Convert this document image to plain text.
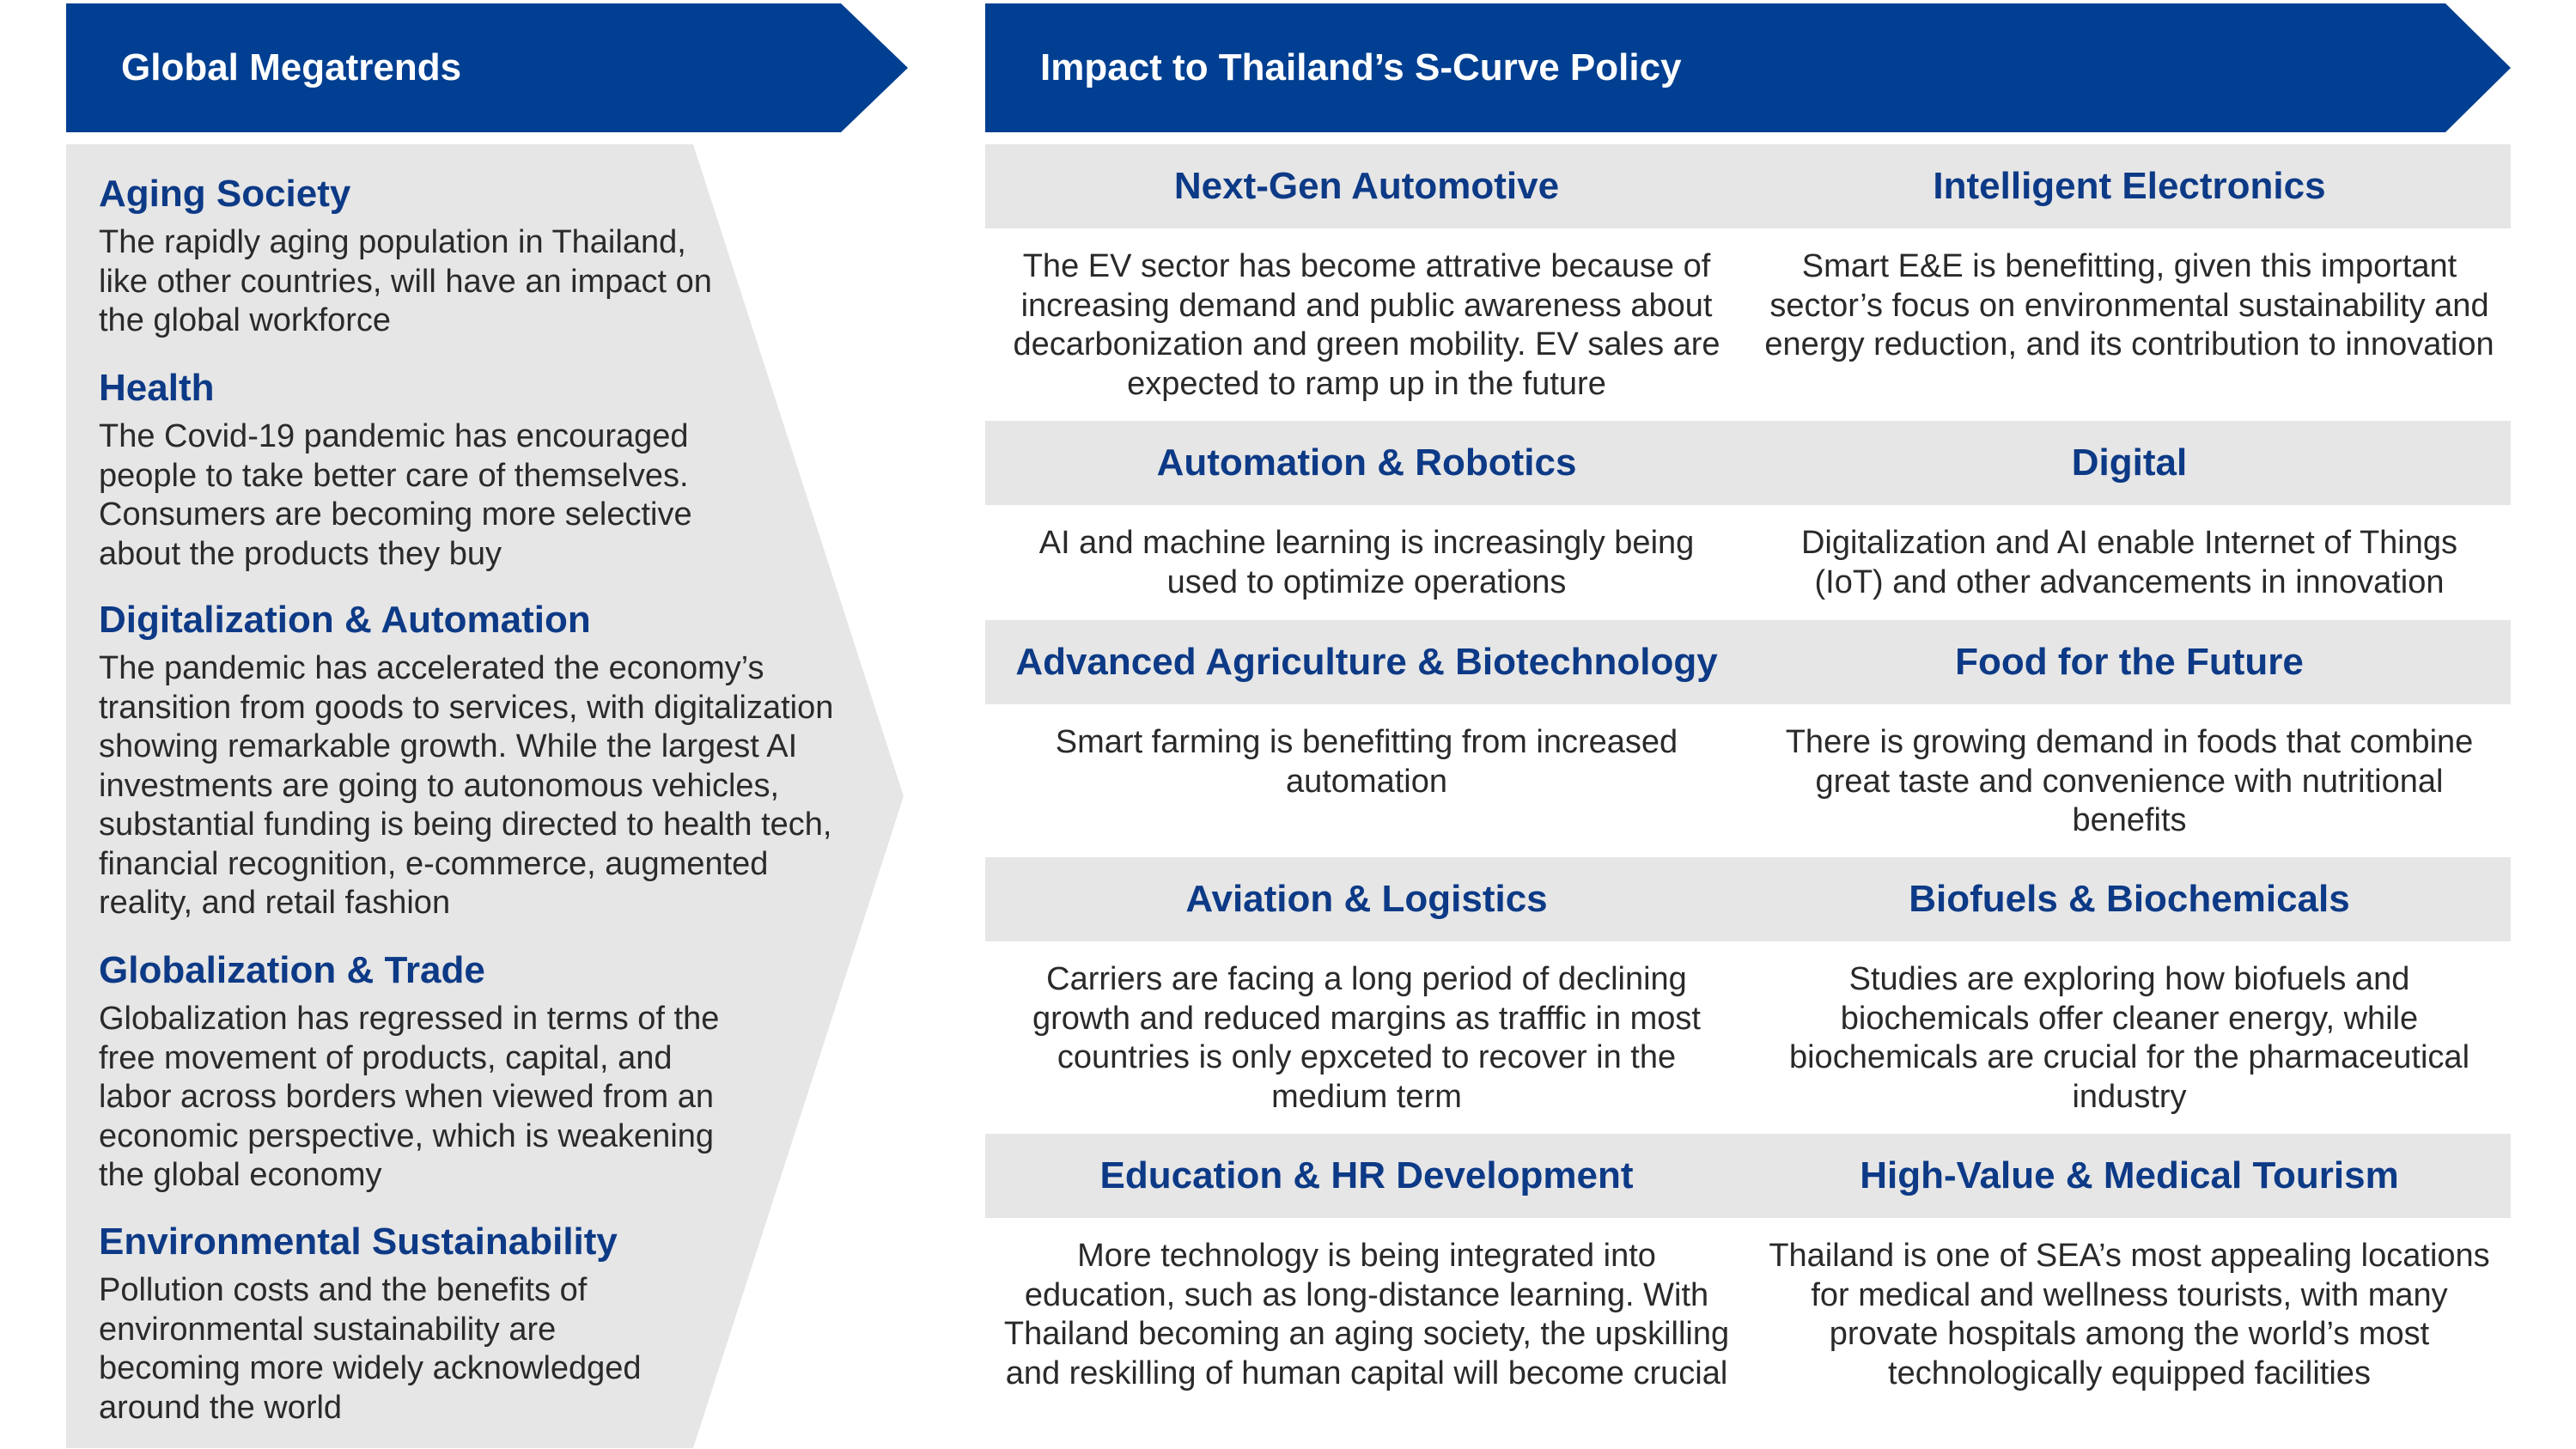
Global Megatrends	Impact to Thailand’s S-Curve Policy
Aging Society

The rapidly aging population in Thailand, like other countries, will have an impact on the global workforce

Health

The Covid-19 pandemic has encouraged people to take better care of themselves. Consumers are becoming more selective about the products they buy

Digitalization & Automation

The pandemic has accelerated the economy’s transition from goods to services, with digitalization showing remarkable growth. While the largest AI investments are going to autonomous vehicles, substantial funding is being directed to health tech, financial recognition, e-commerce, augmented reality, and retail fashion

Globalization & Trade

Globalization has regressed in terms of the free movement of products, capital, and labor across borders when viewed from an economic perspective, which is weakening the global economy

Environmental Sustainability

Pollution costs and the benefits of environmental sustainability are becoming more widely acknowledged around the world

Next-Gen Automotive	Intelligent Electronics
The EV sector has become attrative because of increasing demand and public awareness about decarbonization and green mobility. EV sales are expected to ramp up in the future
Smart E&E is benefitting, given this important sector’s focus on environmental sustainability and energy reduction, and its contribution to innovation
Automation & Robotics	Digital
AI and machine learning is increasingly being used to optimize operations
Digitalization and AI enable Internet of Things (IoT) and other advancements in innovation
Advanced Agriculture & Biotechnology	Food for the Future
Smart farming is benefitting from increased automation
There is growing demand in foods that combine great taste and convenience with nutritional benefits
Aviation & Logistics	Biofuels & Biochemicals
Carriers are facing a long period of declining growth and reduced margins as trafffic in most countries is only epxceted to recover in the medium term
Studies are exploring how biofuels and biochemicals offer cleaner energy, while biochemicals are crucial for the pharmaceutical industry
Education & HR Development	High-Value & Medical Tourism
More technology is being integrated into education, such as long-distance learning. With Thailand becoming an aging society, the upskilling and reskilling of human capital will become crucial
Thailand is one of SEA’s most appealing locations for medical and wellness tourists, with many provate hospitals among the world’s most technologically equipped facilities
